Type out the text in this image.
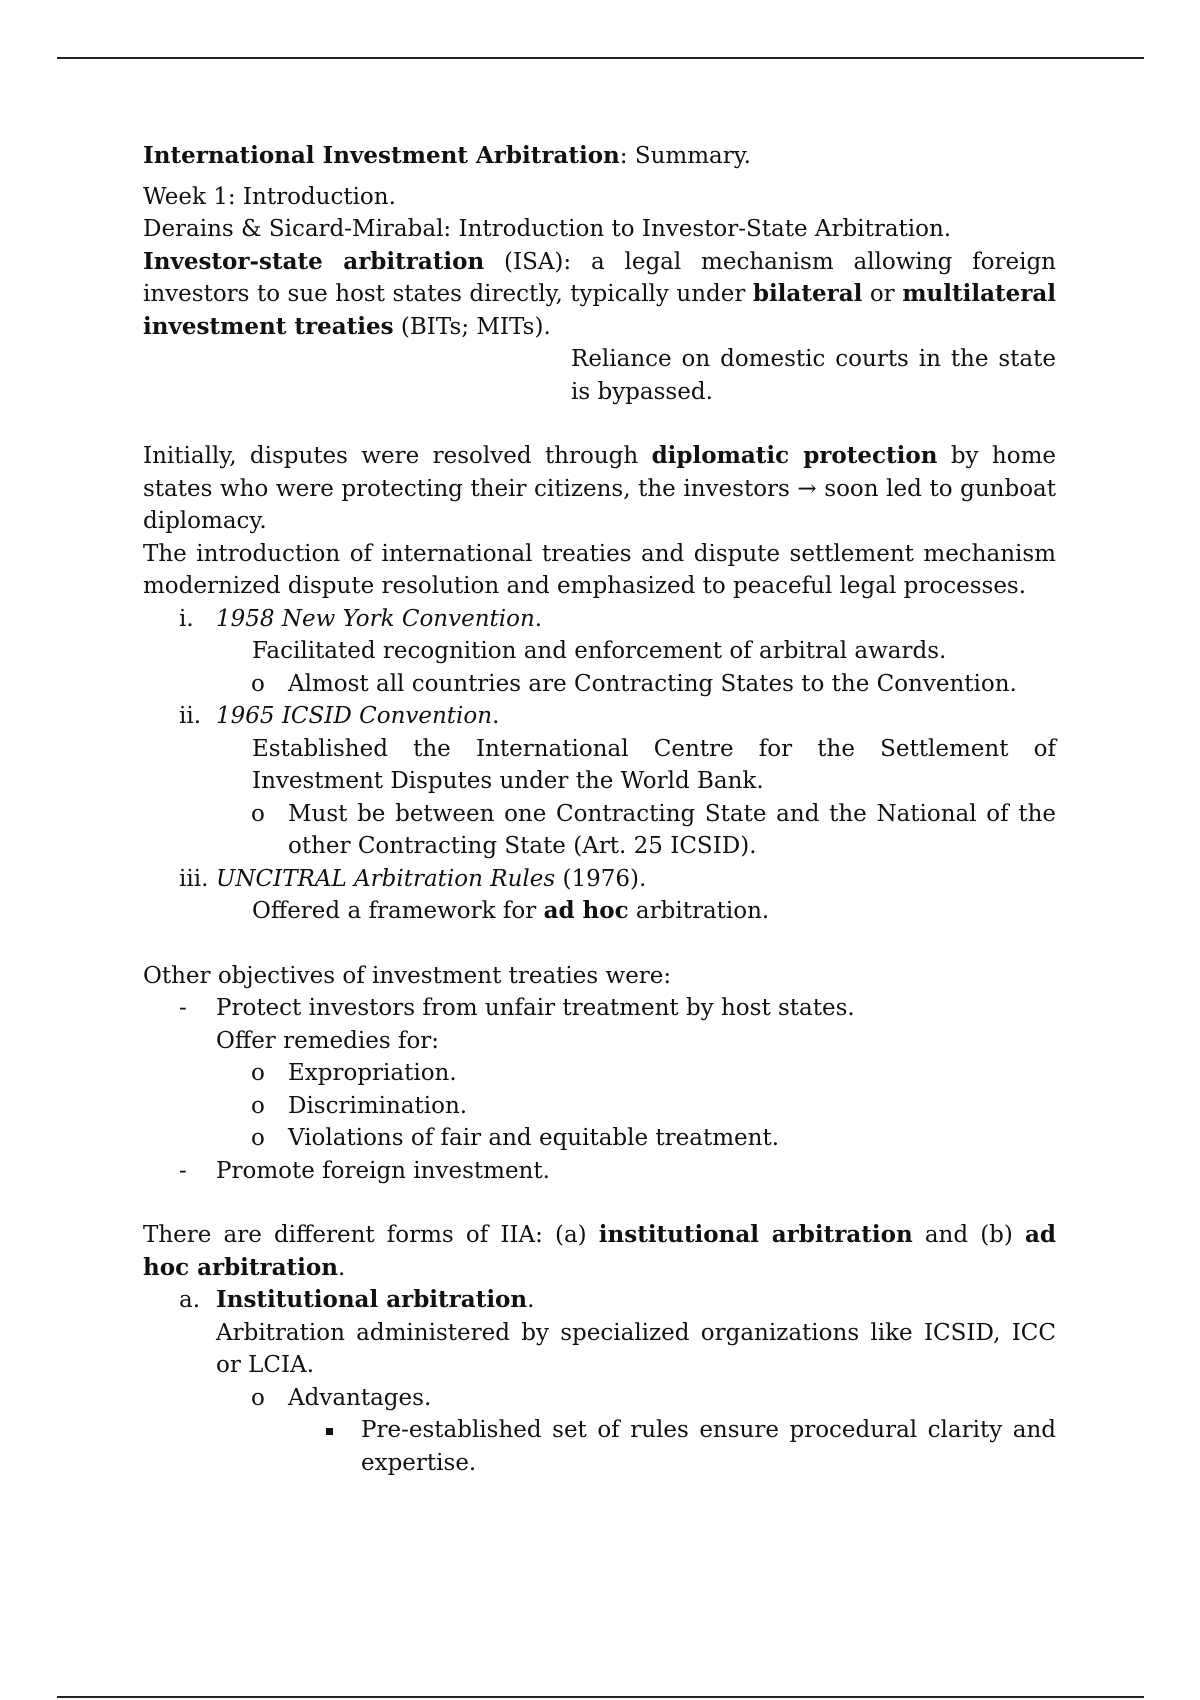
International Investment Arbitration: Summary.

Week 1: Introduction.

Derains & Sicard-Mirabal: Introduction to Investor-State Arbitration.

Investor-state arbitration (ISA): a legal mechanism allowing foreign investors to sue host states directly, typically under bilateral or multilateral investment treaties (BITs; MITs).

Reliance on domestic courts in the state is bypassed.

Initially, disputes were resolved through diplomatic protection by home states who were protecting their citizens, the investors → soon led to gunboat diplomacy.

The introduction of international treaties and dispute settlement mechanism modernized dispute resolution and emphasized to peaceful legal processes.

i. 1958 New York Convention.
Facilitated recognition and enforcement of arbitral awards.
o Almost all countries are Contracting States to the Convention.
ii. 1965 ICSID Convention.
Established the International Centre for the Settlement of Investment Disputes under the World Bank.
o Must be between one Contracting State and the National of the other Contracting State (Art. 25 ICSID).
iii. UNCITRAL Arbitration Rules (1976).
Offered a framework for ad hoc arbitration.

Other objectives of investment treaties were:

- Protect investors from unfair treatment by host states.
Offer remedies for:
o Expropriation.
o Discrimination.
o Violations of fair and equitable treatment.
- Promote foreign investment.

There are different forms of IIA: (a) institutional arbitration and (b) ad hoc arbitration.

a. Institutional arbitration.
Arbitration administered by specialized organizations like ICSID, ICC or LCIA.
o Advantages.
Pre-established set of rules ensure procedural clarity and expertise.
